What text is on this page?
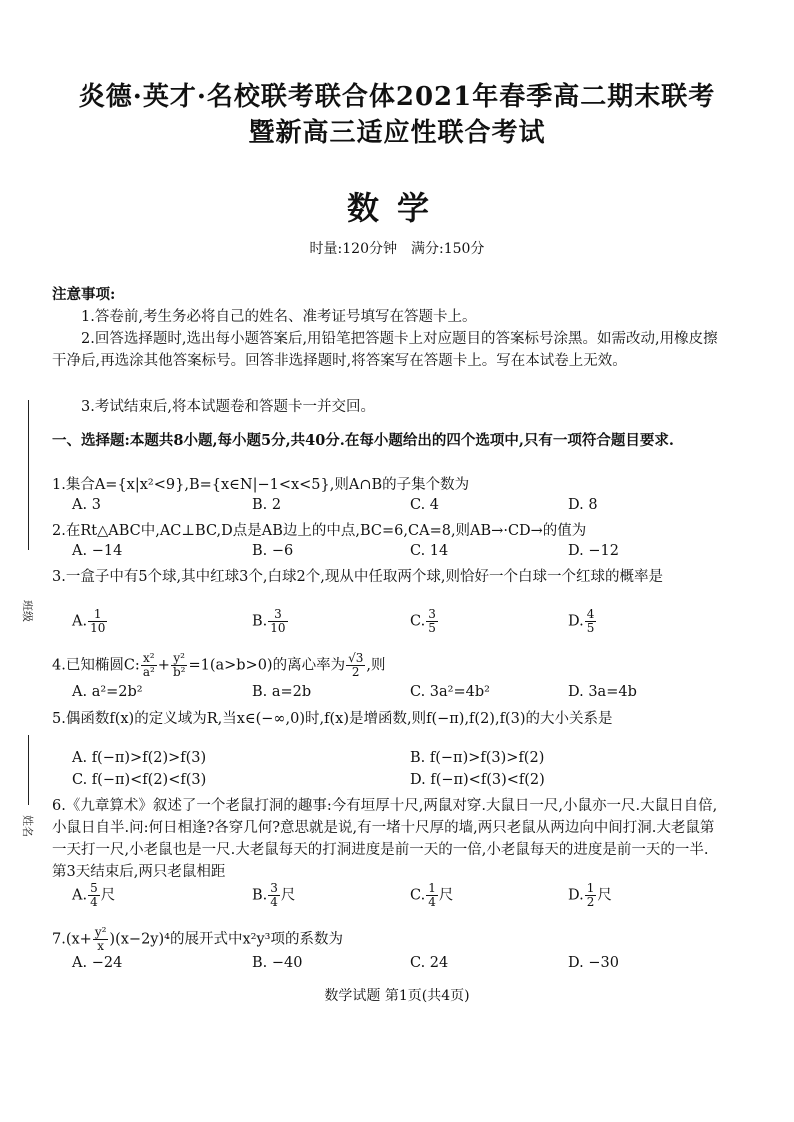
班级
姓名
炎德·英才·名校联考联合体2021年春季高二期末联考
暨新高三适应性联合考试
数学
时量:120分钟　满分:150分
注意事项:
1.答卷前,考生务必将自己的姓名、准考证号填写在答题卡上。
2.回答选择题时,选出每小题答案后,用铅笔把答题卡上对应题目的答案标号涂黑。如需改动,用橡皮擦干净后,再选涂其他答案标号。回答非选择题时,将答案写在答题卡上。写在本试卷上无效。
3.考试结束后,将本试题卷和答题卡一并交回。
一、选择题:本题共8小题,每小题5分,共40分.在每小题给出的四个选项中,只有一项符合题目要求.
1.集合A={x|x²<9},B={x∈N|−1<x<5},则A∩B的子集个数为
A. 3	B. 2	C. 4	D. 8
2.在Rt△ABC中,AC⊥BC,D点是AB边上的中点,BC=6,CA=8,则AB→·CD→的值为
A. −14	B. −6	C. 14	D. −12
3.一盒子中有5个球,其中红球3个,白球2个,现从中任取两个球,则恰好一个白球一个红球的概率是
A. $\frac{1}{10}$	B. $\frac{3}{10}$	C. $\frac{3}{5}$	D. $\frac{4}{5}$
4.已知椭圆C: $\frac{\text{x²}}{\text{a²}} + \frac{\text{y²}}{\text{b²}} =1(a>b>0)$的离心率为 $\frac{√3}{2}$ ,则
A. a²=2b²	B. a=2b	C. 3a²=4b²	D. 3a=4b
5.偶函数f(x)的定义域为R,当x∈(−∞,0)时,f(x)是增函数,则f(−π),f(2),f(3)的大小关系是
A. f(−π)>f(2)>f(3)	B. f(−π)>f(3)>f(2)
C. f(−π)<f(2)<f(3)	D. f(−π)<f(3)<f(2)
6.《九章算术》叙述了一个老鼠打洞的趣事:今有垣厚十尺,两鼠对穿.大鼠日一尺,小鼠亦一尺.大鼠日自倍,小鼠日自半.问:何日相逢?各穿几何?意思就是说,有一堵十尺厚的墙,两只老鼠从两边向中间打洞.大老鼠第一天打一尺,小老鼠也是一尺.大老鼠每天的打洞进度是前一天的一倍,小老鼠每天的进度是前一天的一半.第3天结束后,两只老鼠相距
A. $\frac{5}{4}$ 尺	B. $\frac{3}{4}$ 尺	C. $\frac{1}{4}$ 尺	D. $\frac{1}{2}$ 尺
$7.(x+ \frac{\text{y²}}{x} )(x-2y)^4$的展开式中x²y³项的系数为
A. −24	B. −40	C. 24	D. −30
数学试题 第1页(共4页)
